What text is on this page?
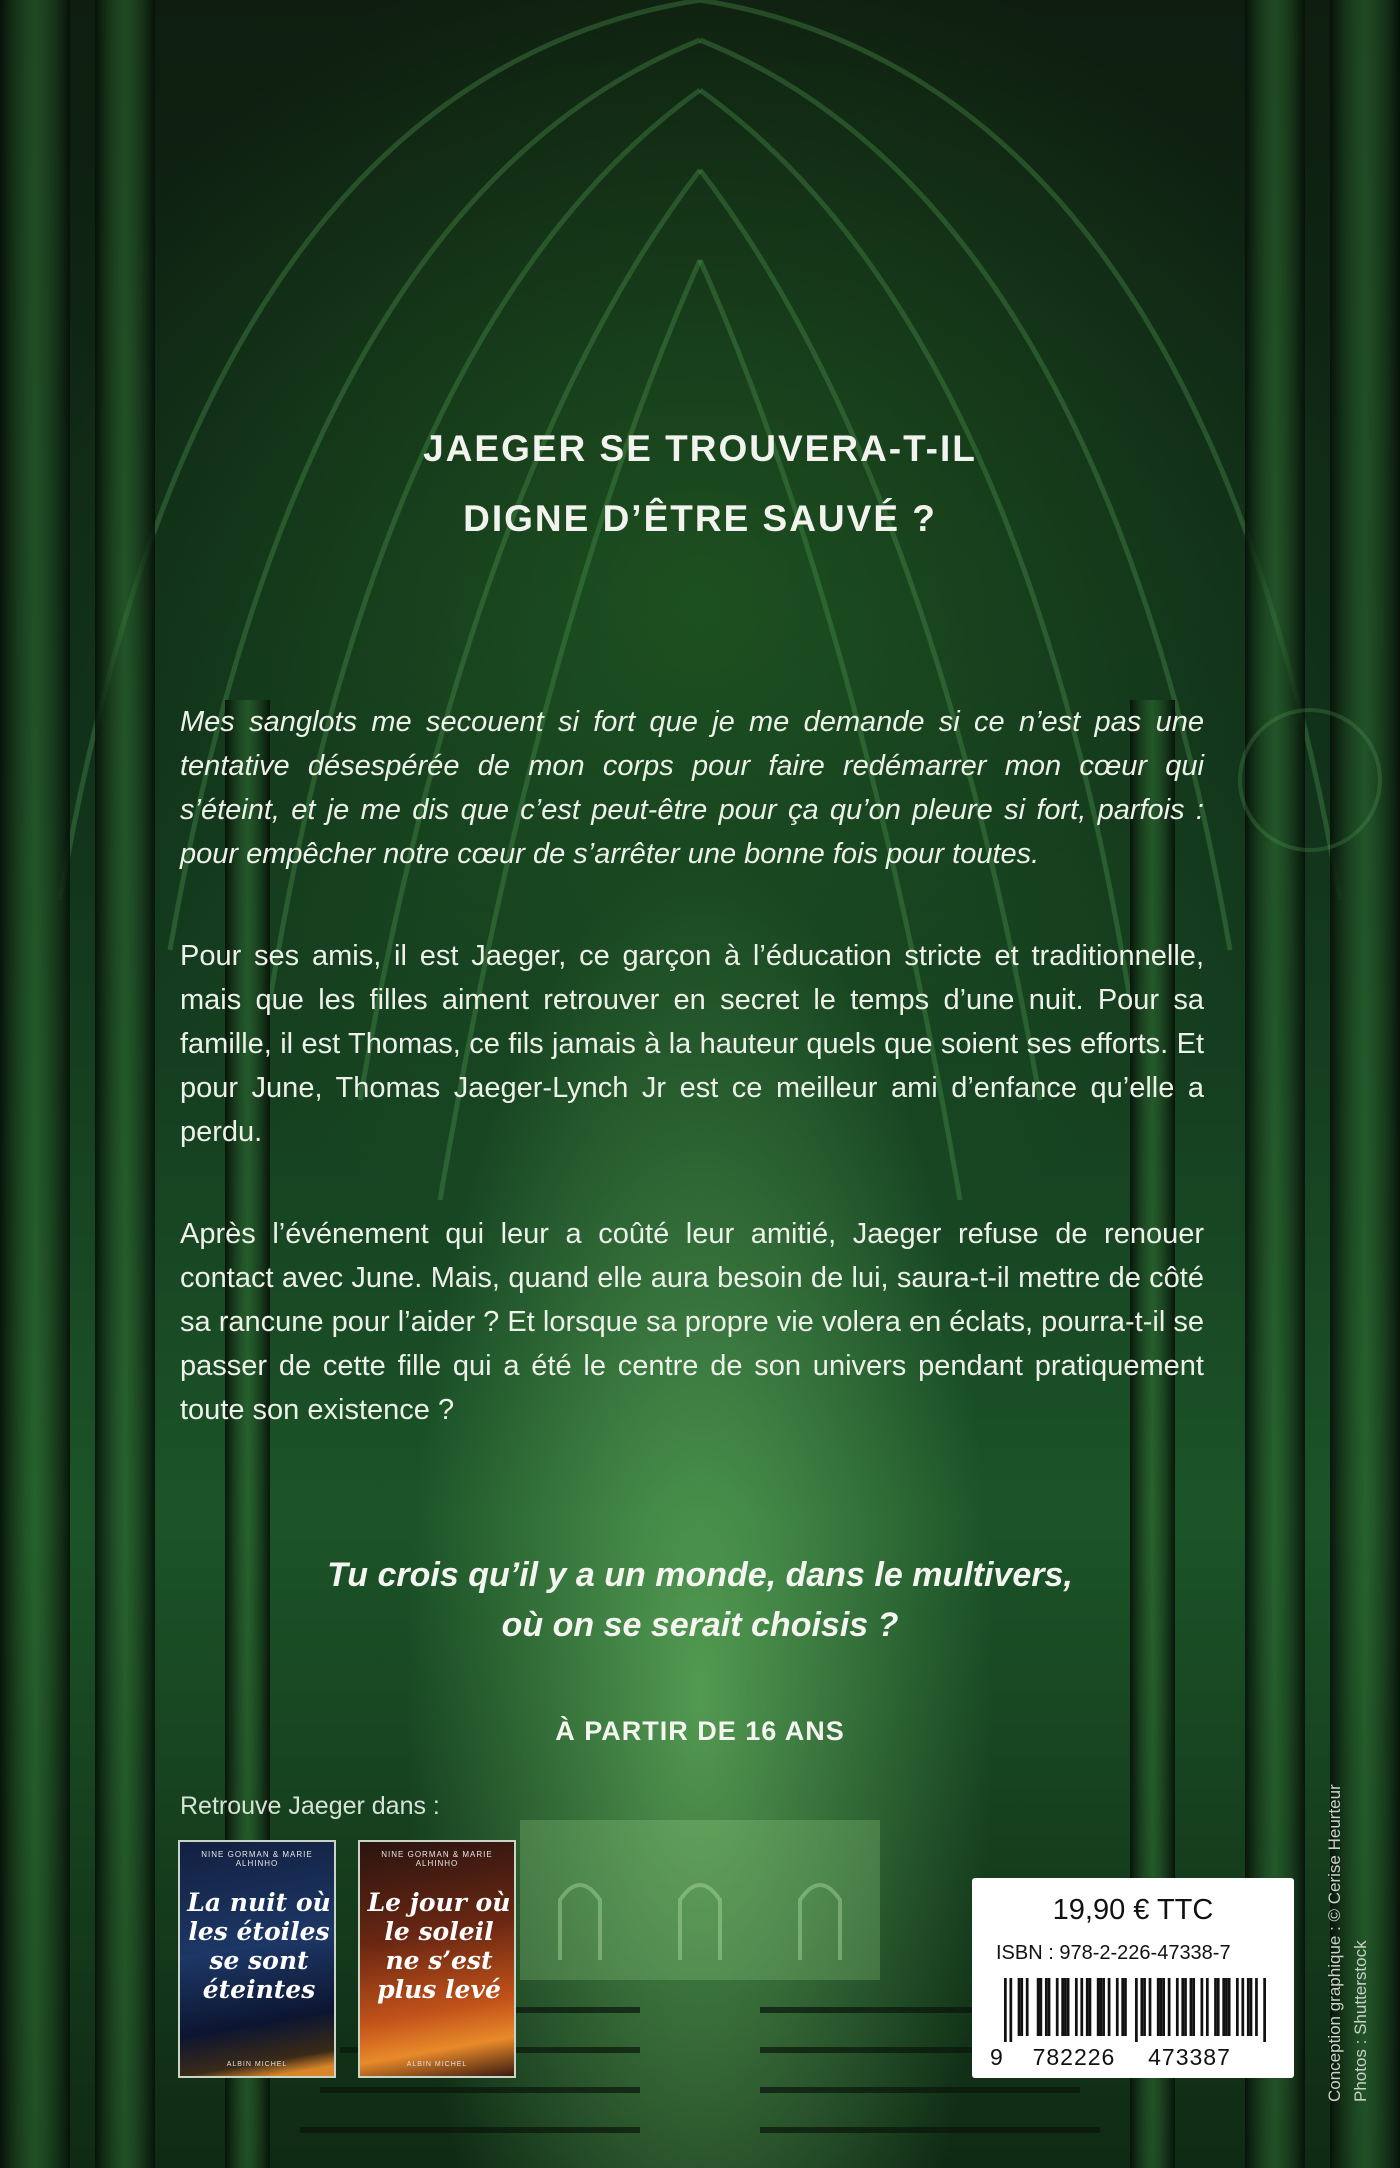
JAEGER SE TROUVERA-T-IL
DIGNE D’ÊTRE SAUVÉ ?

Mes sanglots me secouent si fort que je me demande si ce n’est pas une tentative désespérée de mon corps pour faire redémarrer mon cœur qui s’éteint, et je me dis que c’est peut-être pour ça qu’on pleure si fort, parfois : pour empêcher notre cœur de s’arrêter une bonne fois pour toutes.

Pour ses amis, il est Jaeger, ce garçon à l’éducation stricte et traditionnelle, mais que les filles aiment retrouver en secret le temps d’une nuit. Pour sa famille, il est Thomas, ce fils jamais à la hauteur quels que soient ses efforts. Et pour June, Thomas Jaeger-Lynch Jr est ce meilleur ami d’enfance qu’elle a perdu.

Après l’événement qui leur a coûté leur amitié, Jaeger refuse de renouer contact avec June. Mais, quand elle aura besoin de lui, saura-t-il mettre de côté sa rancune pour l’aider ? Et lorsque sa propre vie volera en éclats, pourra-t-il se passer de cette fille qui a été le centre de son univers pendant pratiquement toute son existence ?

Tu crois qu’il y a un monde, dans le multivers,
où on se serait choisis ?
À PARTIR DE 16 ANS
Retrouve Jaeger dans :
NINE GORMAN & MARIE ALHINHO
La nuit où les étoiles se sont éteintes
ALBIN MICHEL
NINE GORMAN & MARIE ALHINHO
Le jour où le soleil ne s’est plus levé
ALBIN MICHEL
19,90 € TTC
ISBN : 978-2-226-47338-7
9 782226 473387	Conception graphique : © Cerise Heurteur Photos : Shutterstock
